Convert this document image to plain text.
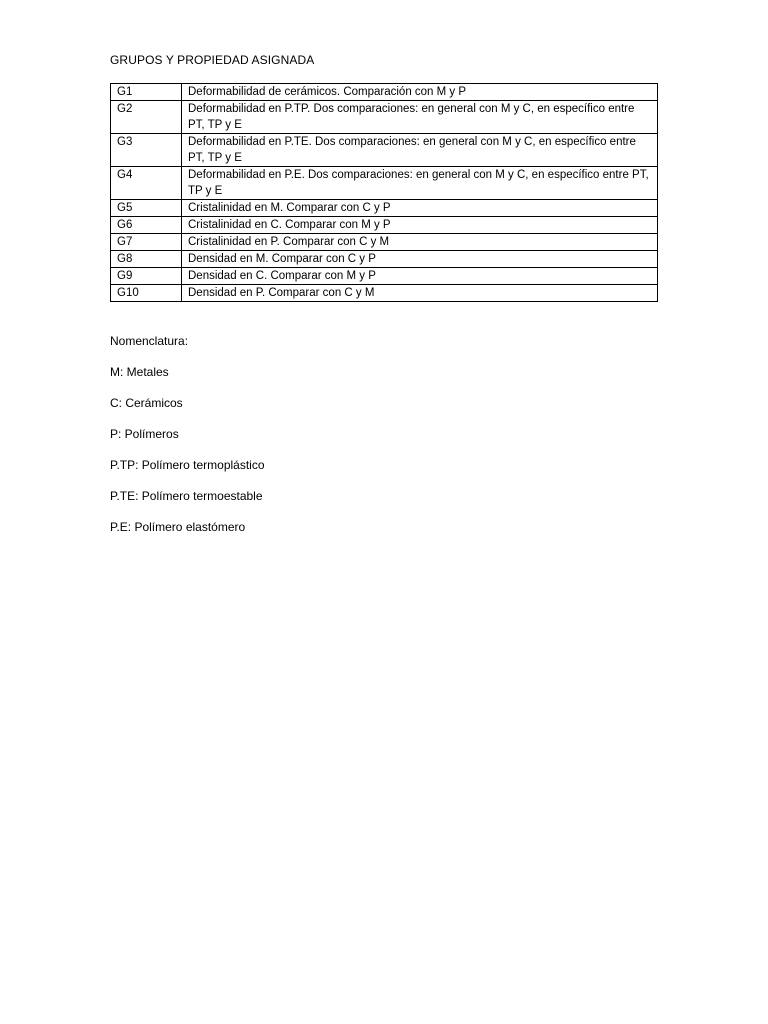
GRUPOS Y PROPIEDAD ASIGNADA
G1	Deformabilidad de cerámicos. Comparación con M y P
G2	Deformabilidad en P.TP. Dos comparaciones: en general con M y C, en específico entre PT, TP y E
G3	Deformabilidad en P.TE. Dos comparaciones: en general con M y C, en específico entre PT, TP y E
G4	Deformabilidad en P.E. Dos comparaciones: en general con M y C, en específico entre PT, TP y E
G5	Cristalinidad en M. Comparar con C y P
G6	Cristalinidad en C. Comparar con M y P
G7	Cristalinidad en P. Comparar con C y M
G8	Densidad en M. Comparar con C y P
G9	Densidad en C. Comparar con M y P
G10	Densidad en P. Comparar con C y M
Nomenclatura:
M: Metales
C: Cerámicos
P: Polímeros
P.TP: Polímero termoplástico
P.TE: Polímero termoestable
P.E: Polímero elastómero
